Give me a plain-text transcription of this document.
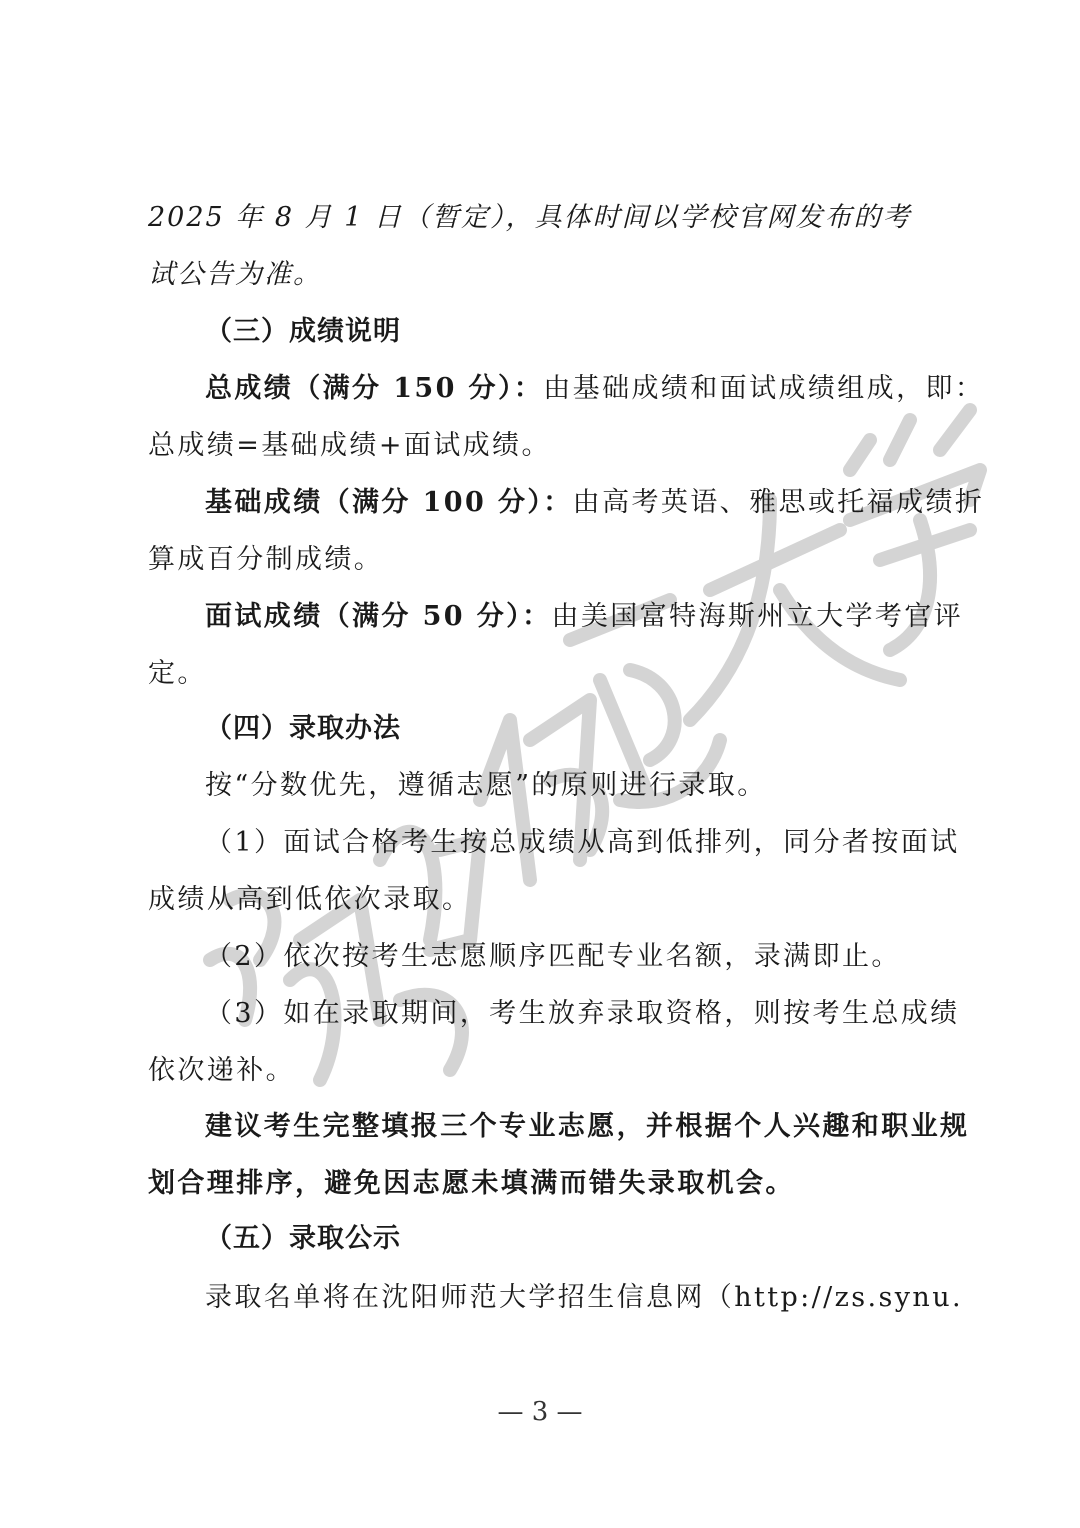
2025 年 8 月 1 日（暂定），具体时间以学校官网发布的考
试公告为准。
（三）成绩说明
总成绩（满分 150 分）：由基础成绩和面试成绩组成，即：
总成绩=基础成绩+面试成绩。
基础成绩（满分 100 分）：由高考英语、雅思或托福成绩折
算成百分制成绩。
面试成绩（满分 50 分）：由美国富特海斯州立大学考官评
定。
（四）录取办法
按“分数优先，遵循志愿”的原则进行录取。
（1）面试合格考生按总成绩从高到低排列，同分者按面试
成绩从高到低依次录取。
（2）依次按考生志愿顺序匹配专业名额，录满即止。
（3）如在录取期间，考生放弃录取资格，则按考生总成绩
依次递补。
建议考生完整填报三个专业志愿，并根据个人兴趣和职业规
划合理排序，避免因志愿未填满而错失录取机会。
（五）录取公示
录取名单将在沈阳师范大学招生信息网（http://zs.synu.
— 3 —
